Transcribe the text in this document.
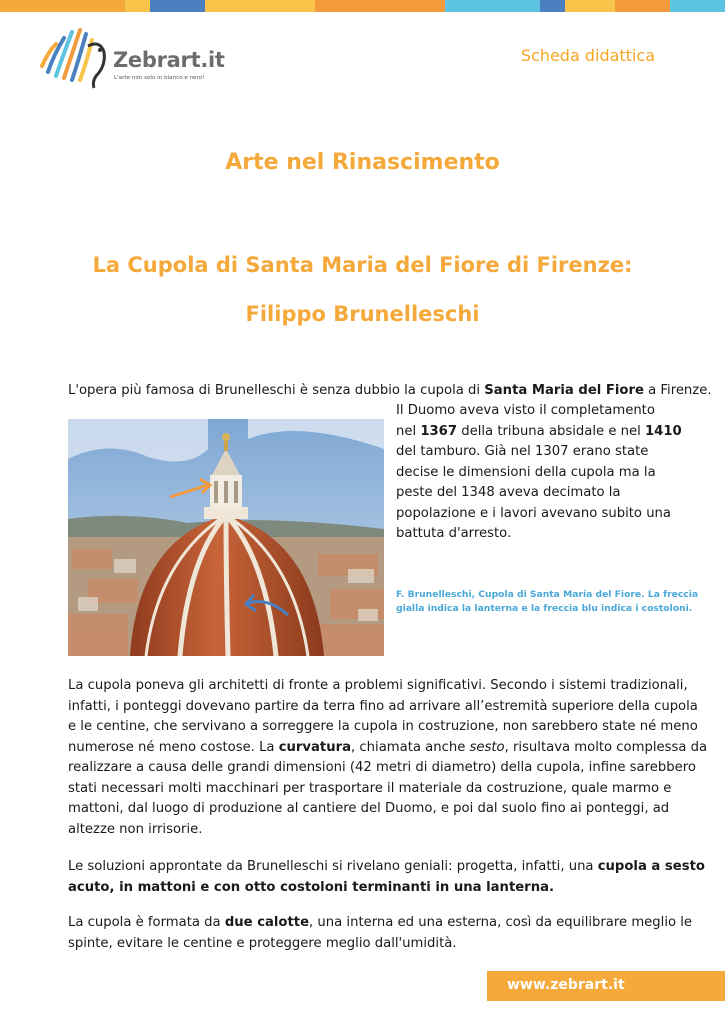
Zebrart.it
L'arte non solo in bianco e nero!
Scheda didattica
Arte nel Rinascimento
La Cupola di Santa Maria del Fiore di Firenze:
Filippo Brunelleschi
L'opera più famosa di Brunelleschi è senza dubbio la cupola di Santa Maria del Fiore a Firenze.
Il Duomo aveva visto il completamento
nel 1367 della tribuna absidale e nel 1410
del tamburo. Già nel 1307 erano state
decise le dimensioni della cupola ma la
peste del 1348 aveva decimato la
popolazione e i lavori avevano subito una
battuta d'arresto.
F. Brunelleschi, Cupola di Santa Maria del Fiore. La freccia
gialla indica la lanterna e la freccia blu indica i costoloni.
La cupola poneva gli architetti di fronte a problemi significativi. Secondo i sistemi tradizionali,
infatti, i ponteggi dovevano partire da terra fino ad arrivare all’estremità superiore della cupola
e le centine, che servivano a sorreggere la cupola in costruzione, non sarebbero state né meno
numerose né meno costose. La curvatura, chiamata anche sesto, risultava molto complessa da
realizzare a causa delle grandi dimensioni (42 metri di diametro) della cupola, infine sarebbero
stati necessari molti macchinari per trasportare il materiale da costruzione, quale marmo e
mattoni, dal luogo di produzione al cantiere del Duomo, e poi dal suolo fino ai ponteggi, ad
altezze non irrisorie.
Le soluzioni approntate da Brunelleschi si rivelano geniali: progetta, infatti, una cupola a sesto
acuto, in mattoni e con otto costoloni terminanti in una lanterna.
La cupola è formata da due calotte, una interna ed una esterna, così da equilibrare meglio le
spinte, evitare le centine e proteggere meglio dall'umidità.
www.zebrart.it
